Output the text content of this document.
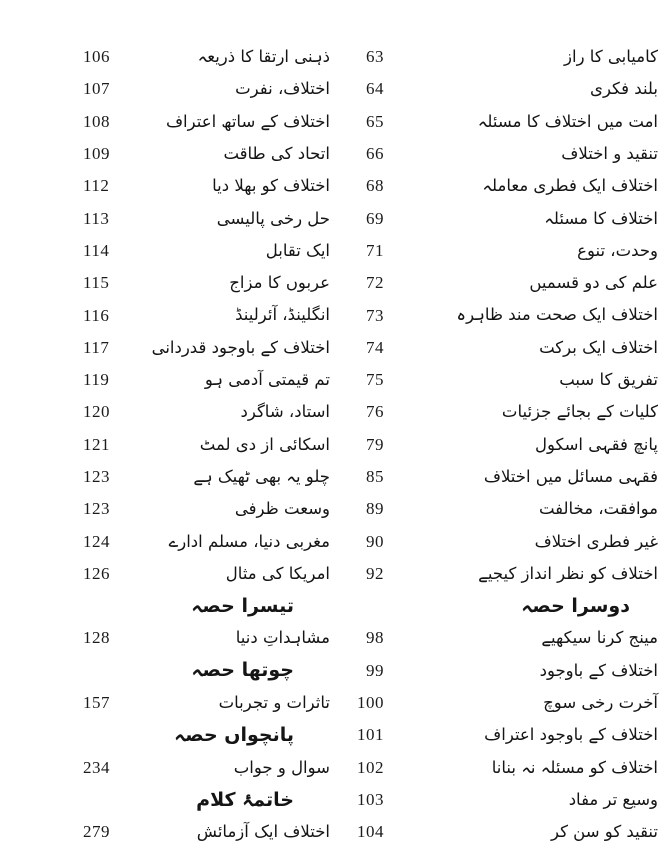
63	کامیابی کا راز
64	بلند فکری
65	امت میں اختلاف کا مسئلہ
66	تنقید و اختلاف
68	اختلاف ایک فطری معاملہ
69	اختلاف کا مسئلہ
71	وحدت، تنوع
72	علم کی دو قسمیں
73	اختلاف ایک صحت مند ظاہرہ
74	اختلاف ایک برکت
75	تفریق کا سبب
76	کلیات کے بجائے جزئیات
79	پانچ فقہی اسکول
85	فقہی مسائل میں اختلاف
89	موافقت، مخالفت
90	غیر فطری اختلاف
92	اختلاف کو نظر انداز کیجیے
دوسرا حصہ
98	مینج کرنا سیکھیے
99	اختلاف کے باوجود
100	آخرت رخی سوچ
101	اختلاف کے باوجود اعتراف
102	اختلاف کو مسئلہ نہ بنانا
103	وسیع تر مفاد
104	تنقید کو سن کر
106	ذہنی ارتقا کا ذریعہ
107	اختلاف، نفرت
108	اختلاف کے ساتھ اعتراف
109	اتحاد کی طاقت
112	اختلاف کو بھلا دیا
113	حل رخی پالیسی
114	ایک تقابل
115	عربوں کا مزاج
116	انگلینڈ، آئرلینڈ
117	اختلاف کے باوجود قدردانی
119	تم قیمتی آدمی ہو
120	استاد، شاگرد
121	اسکائی از دی لمٹ
123	چلو یہ بھی ٹھیک ہے
123	وسعت ظرفی
124	مغربی دنیا، مسلم ادارے
126	امریکا کی مثال
تیسرا حصہ
128	مشاہداتِ دنیا
چوتھا حصہ
157	تاثرات و تجربات
پانچواں حصہ
234	سوال و جواب
خاتمۂ کلام
279	اختلاف ایک آزمائش
